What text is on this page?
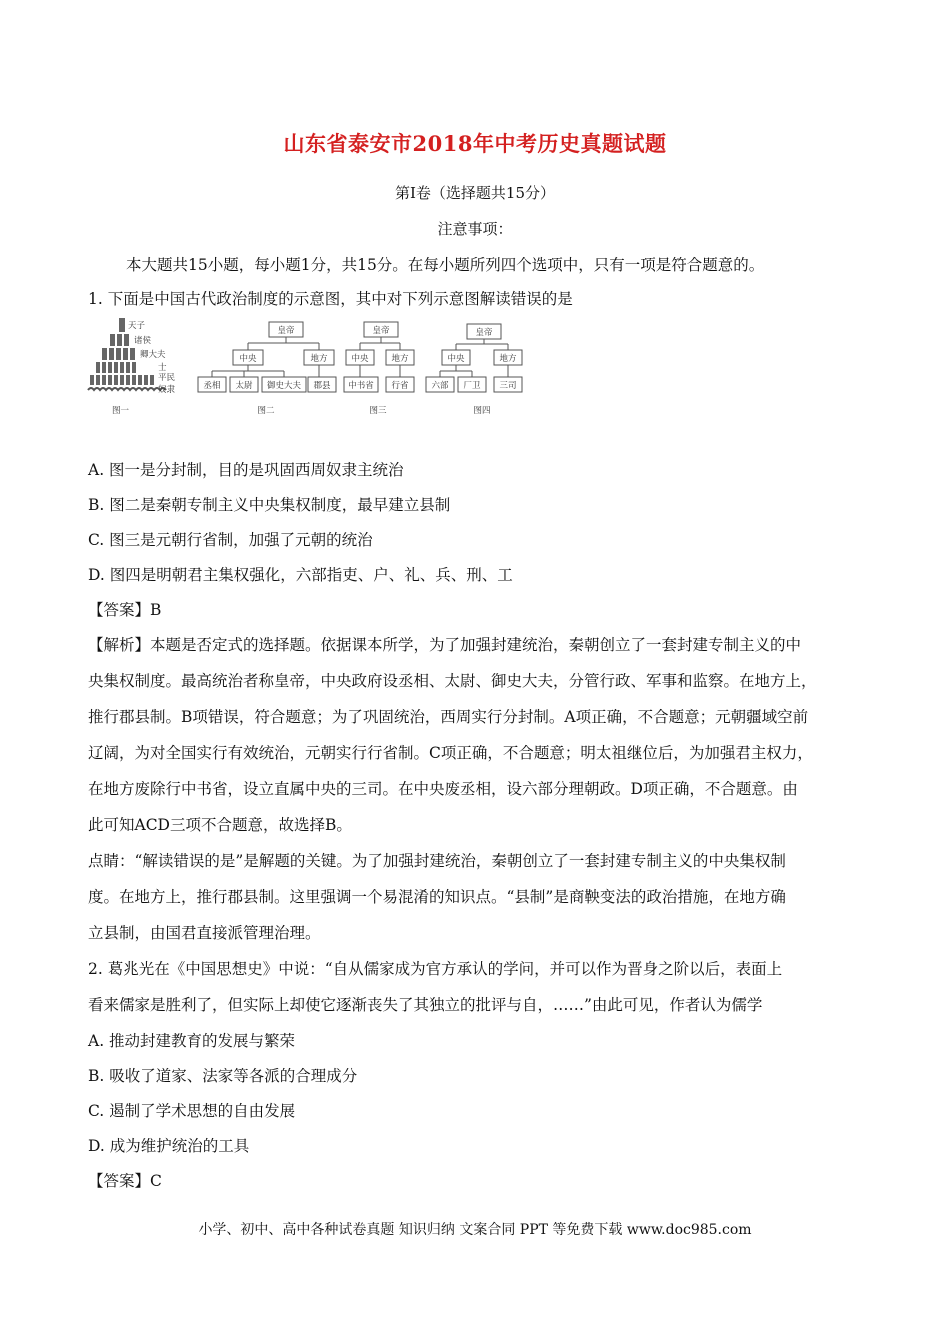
山东省泰安市2018年中考历史真题试题
第Ⅰ卷（选择题共15分）
注意事项：
本大题共15小题，每小题1分，共15分。在每小题所列四个选项中，只有一项是符合题意的。
1. 下面是中国古代政治制度的示意图，其中对下列示意图解读错误的是
天子
诸侯
卿大夫
士
平民
奴隶
图一
皇帝
中央	地方
丞相 太尉 御史大夫 郡县
图二
皇帝
中央	地方
中书省 行省
图三
皇帝
中央	地方
六部 厂卫 三司
图四
A. 图一是分封制，目的是巩固西周奴隶主统治
B. 图二是秦朝专制主义中央集权制度，最早建立县制
C. 图三是元朝行省制，加强了元朝的统治
D. 图四是明朝君主集权强化，六部指吏、户、礼、兵、刑、工
【答案】B
【解析】本题是否定式的选择题。依据课本所学，为了加强封建统治，秦朝创立了一套封建专制主义的中
央集权制度。最高统治者称皇帝，中央政府设丞相、太尉、御史大夫，分管行政、军事和监察。在地方上，
推行郡县制。B项错误，符合题意；为了巩固统治，西周实行分封制。A项正确，不合题意；元朝疆域空前
辽阔，为对全国实行有效统治，元朝实行行省制。C项正确，不合题意；明太祖继位后，为加强君主权力，
在地方废除行中书省，设立直属中央的三司。在中央废丞相，设六部分理朝政。D项正确，不合题意。由
此可知ACD三项不合题意，故选择B。
点睛：“解读错误的是”是解题的关键。为了加强封建统治，秦朝创立了一套封建专制主义的中央集权制
度。在地方上，推行郡县制。这里强调一个易混淆的知识点。“县制”是商鞅变法的政治措施，在地方确
立县制，由国君直接派管理治理。
2. 葛兆光在《中国思想史》中说：“自从儒家成为官方承认的学问，并可以作为晋身之阶以后，表面上
看来儒家是胜利了，但实际上却使它逐渐丧失了其独立的批评与自，……”由此可见，作者认为儒学
A. 推动封建教育的发展与繁荣
B. 吸收了道家、法家等各派的合理成分
C. 遏制了学术思想的自由发展
D. 成为维护统治的工具
【答案】C
小学、初中、高中各种试卷真题 知识归纳 文案合同 PPT 等免费下载 www.doc985.com
